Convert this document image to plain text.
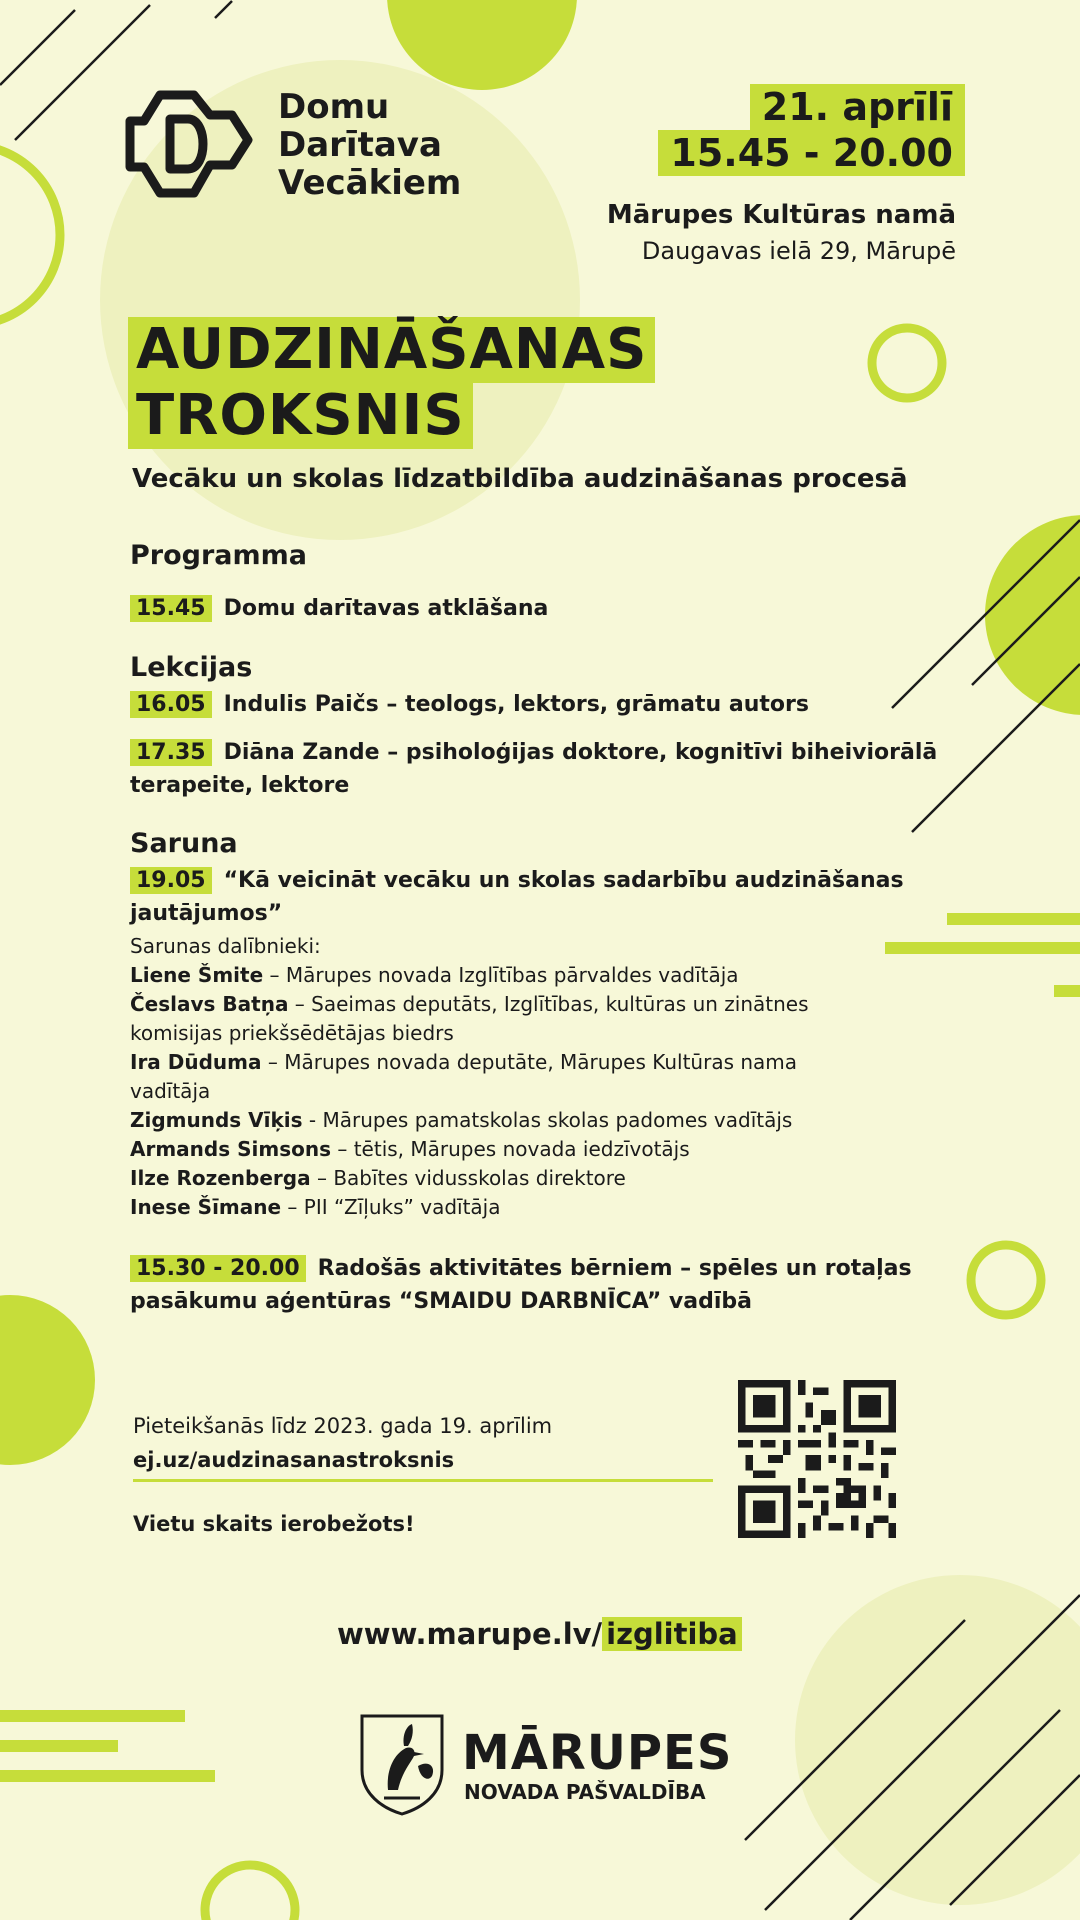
Domu
Darītava
Vecākiem
21. aprīlī
15.45 - 20.00
Mārupes Kultūras namā
Daugavas ielā 29, Mārupē
AUDZINĀŠANAS
TROKSNIS
Vecāku un skolas līdzatbildība audzināšanas procesā
Programma
15.45 Domu darītavas atklāšana
Lekcijas
16.05 Indulis Paičs – teologs, lektors, grāmatu autors
17.35 Diāna Zande – psiholoģijas doktore, kognitīvi biheiviorālā
terapeite, lektore
Saruna
19.05 “Kā veicināt vecāku un skolas sadarbību audzināšanas
jautājumos”
Sarunas dalībnieki:
Liene Šmite – Mārupes novada Izglītības pārvaldes vadītāja
Česlavs Batņa – Saeimas deputāts, Izglītības, kultūras un zinātnes
komisijas priekšsēdētājas biedrs
Ira Dūduma – Mārupes novada deputāte, Mārupes Kultūras nama
vadītāja
Zigmunds Vīķis - Mārupes pamatskolas skolas padomes vadītājs
Armands Simsons – tētis, Mārupes novada iedzīvotājs
Ilze Rozenberga – Babītes vidusskolas direktore
Inese Šīmane – PII “Zīļuks” vadītāja
15.30 - 20.00 Radošās aktivitātes bērniem – spēles un rotaļas
pasākumu aģentūras “SMAIDU DARBNĪCA” vadībā
Pieteikšanās līdz 2023. gada 19. aprīlim
ej.uz/audzinasanastroksnis
Vietu skaits ierobežots!
www.marupe.lv/ izglitiba
MĀRUPES
NOVADA PAŠVALDĪBA
